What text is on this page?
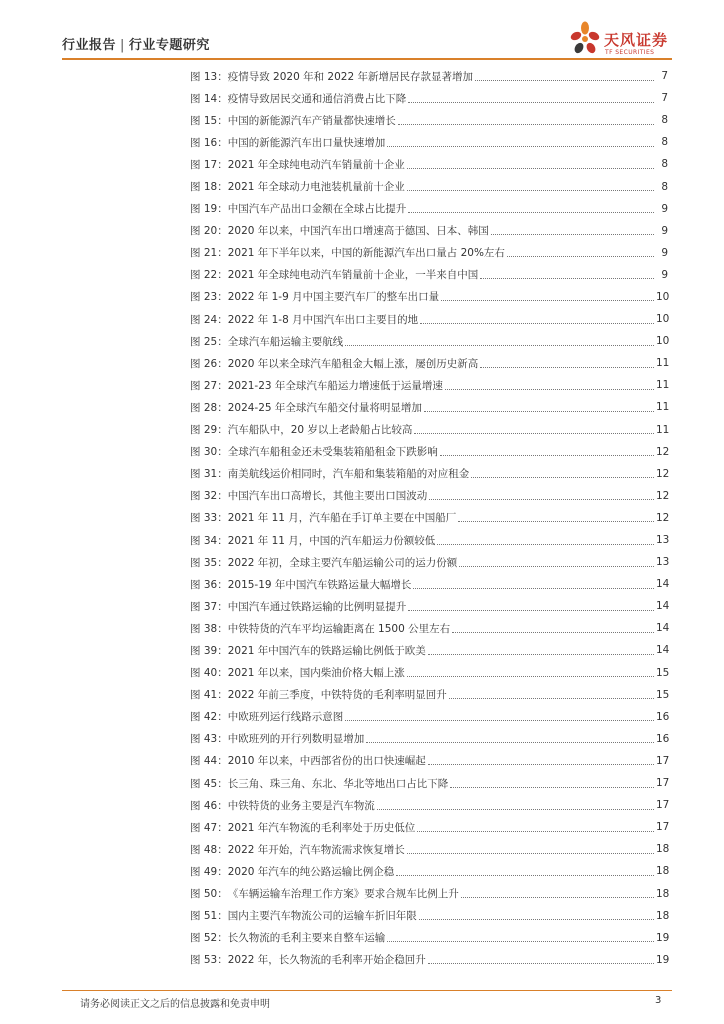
行业报告 | 行业专题研究	天风证券
TF SECURITIES
图 13： 疫情导致 2020 年和 2022 年新增居民存款显著增加	7
图 14： 疫情导致居民交通和通信消费占比下降	7
图 15： 中国的新能源汽车产销量都快速增长	8
图 16： 中国的新能源汽车出口量快速增加	8
图 17： 2021 年全球纯电动汽车销量前十企业	8
图 18： 2021 年全球动力电池装机量前十企业	8
图 19： 中国汽车产品出口金额在全球占比提升	9
图 20： 2020 年以来，中国汽车出口增速高于德国、日本、韩国	9
图 21： 2021 年下半年以来，中国的新能源汽车出口量占 20%左右	9
图 22： 2021 年全球纯电动汽车销量前十企业，一半来自中国	9
图 23： 2022 年 1-9 月中国主要汽车厂的整车出口量	10
图 24： 2022 年 1-8 月中国汽车出口主要目的地	10
图 25： 全球汽车船运输主要航线	10
图 26： 2020 年以来全球汽车船租金大幅上涨，屡创历史新高	11
图 27： 2021-23 年全球汽车船运力增速低于运量增速	11
图 28： 2024-25 年全球汽车船交付量将明显增加	11
图 29： 汽车船队中，20 岁以上老龄船占比较高	11
图 30： 全球汽车船租金还未受集装箱船租金下跌影响	12
图 31： 南美航线运价相同时，汽车船和集装箱船的对应租金	12
图 32： 中国汽车出口高增长，其他主要出口国波动	12
图 33： 2021 年 11 月，汽车船在手订单主要在中国船厂	12
图 34： 2021 年 11 月，中国的汽车船运力份额较低	13
图 35： 2022 年初，全球主要汽车船运输公司的运力份额	13
图 36： 2015-19 年中国汽车铁路运量大幅增长	14
图 37： 中国汽车通过铁路运输的比例明显提升	14
图 38： 中铁特货的汽车平均运输距离在 1500 公里左右	14
图 39： 2021 年中国汽车的铁路运输比例低于欧美	14
图 40： 2021 年以来，国内柴油价格大幅上涨	15
图 41： 2022 年前三季度，中铁特货的毛利率明显回升	15
图 42： 中欧班列运行线路示意图	16
图 43： 中欧班列的开行列数明显增加	16
图 44： 2010 年以来，中西部省份的出口快速崛起	17
图 45： 长三角、珠三角、东北、华北等地出口占比下降	17
图 46： 中铁特货的业务主要是汽车物流	17
图 47： 2021 年汽车物流的毛利率处于历史低位	17
图 48： 2022 年开始，汽车物流需求恢复增长	18
图 49： 2020 年汽车的纯公路运输比例企稳	18
图 50： 《车辆运输车治理工作方案》要求合规车比例上升	18
图 51： 国内主要汽车物流公司的运输车折旧年限	18
图 52： 长久物流的毛利主要来自整车运输	19
图 53： 2022 年，长久物流的毛利率开始企稳回升	19
请务必阅读正文之后的信息披露和免责申明	3
